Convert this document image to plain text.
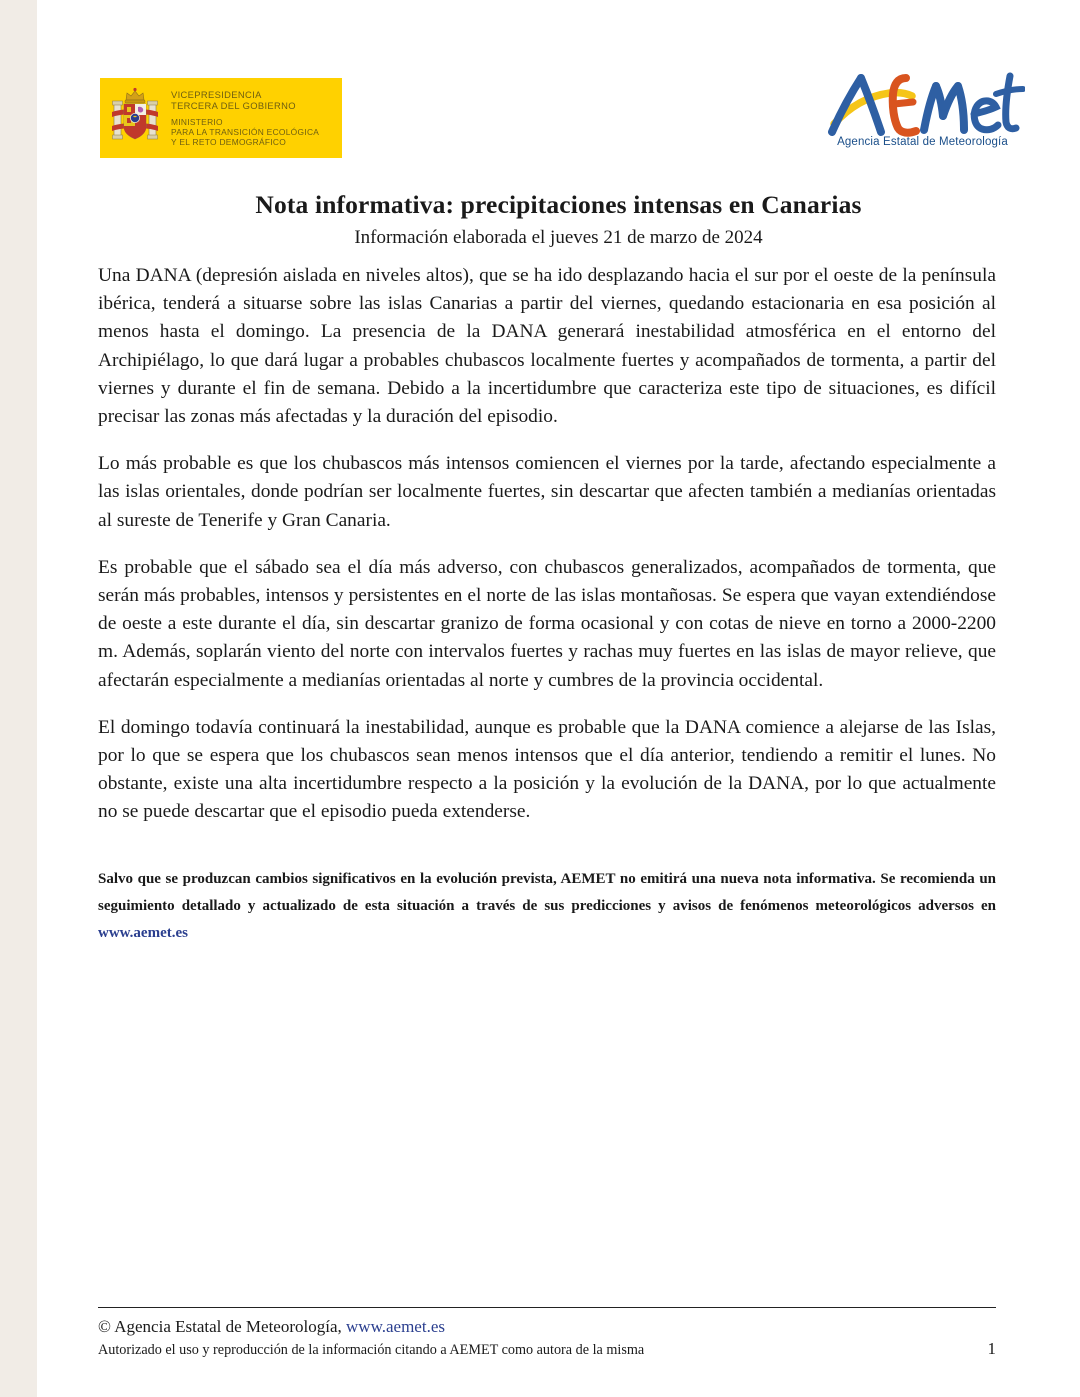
VICEPRESIDENCIA
TERCERA DEL GOBIERNO
MINISTERIO
PARA LA TRANSICIÓN ECOLÓGICA
Y EL RETO DEMOGRÁFICO	Agencia Estatal de Meteorología
Nota informativa: precipitaciones intensas en Canarias
Información elaborada el jueves 21 de marzo de 2024

Una DANA (depresión aislada en niveles altos), que se ha ido desplazando hacia el sur por el oeste de la península ibérica, tenderá a situarse sobre las islas Canarias a partir del viernes, quedando estacionaria en esa posición al menos hasta el domingo. La presencia de la DANA generará inestabilidad atmosférica en el entorno del Archipiélago, lo que dará lugar a probables chubascos localmente fuertes y acompañados de tormenta, a partir del viernes y durante el fin de semana. Debido a la incertidumbre que caracteriza este tipo de situaciones, es difícil precisar las zonas más afectadas y la duración del episodio.

Lo más probable es que los chubascos más intensos comiencen el viernes por la tarde, afectando especialmente a las islas orientales, donde podrían ser localmente fuertes, sin descartar que afecten también a medianías orientadas al sureste de Tenerife y Gran Canaria.

Es probable que el sábado sea el día más adverso, con chubascos generalizados, acompañados de tormenta, que serán más probables, intensos y persistentes en el norte de las islas montañosas. Se espera que vayan extendiéndose de oeste a este durante el día, sin descartar granizo de forma ocasional y con cotas de nieve en torno a 2000-2200 m. Además, soplarán viento del norte con intervalos fuertes y rachas muy fuertes en las islas de mayor relieve, que afectarán especialmente a medianías orientadas al norte y cumbres de la provincia occidental.

El domingo todavía continuará la inestabilidad, aunque es probable que la DANA comience a alejarse de las Islas, por lo que se espera que los chubascos sean menos intensos que el día anterior, tendiendo a remitir el lunes. No obstante, existe una alta incertidumbre respecto a la posición y la evolución de la DANA, por lo que actualmente no se puede descartar que el episodio pueda extenderse.

Salvo que se produzcan cambios significativos en la evolución prevista, AEMET no emitirá una nueva nota informativa. Se recomienda un seguimiento detallado y actualizado de esta situación a través de sus predicciones y avisos de fenómenos meteorológicos adversos en www.aemet.es
© Agencia Estatal de Meteorología, www.aemet.es
Autorizado el uso y reproducción de la información citando a AEMET como autora de la misma	1
